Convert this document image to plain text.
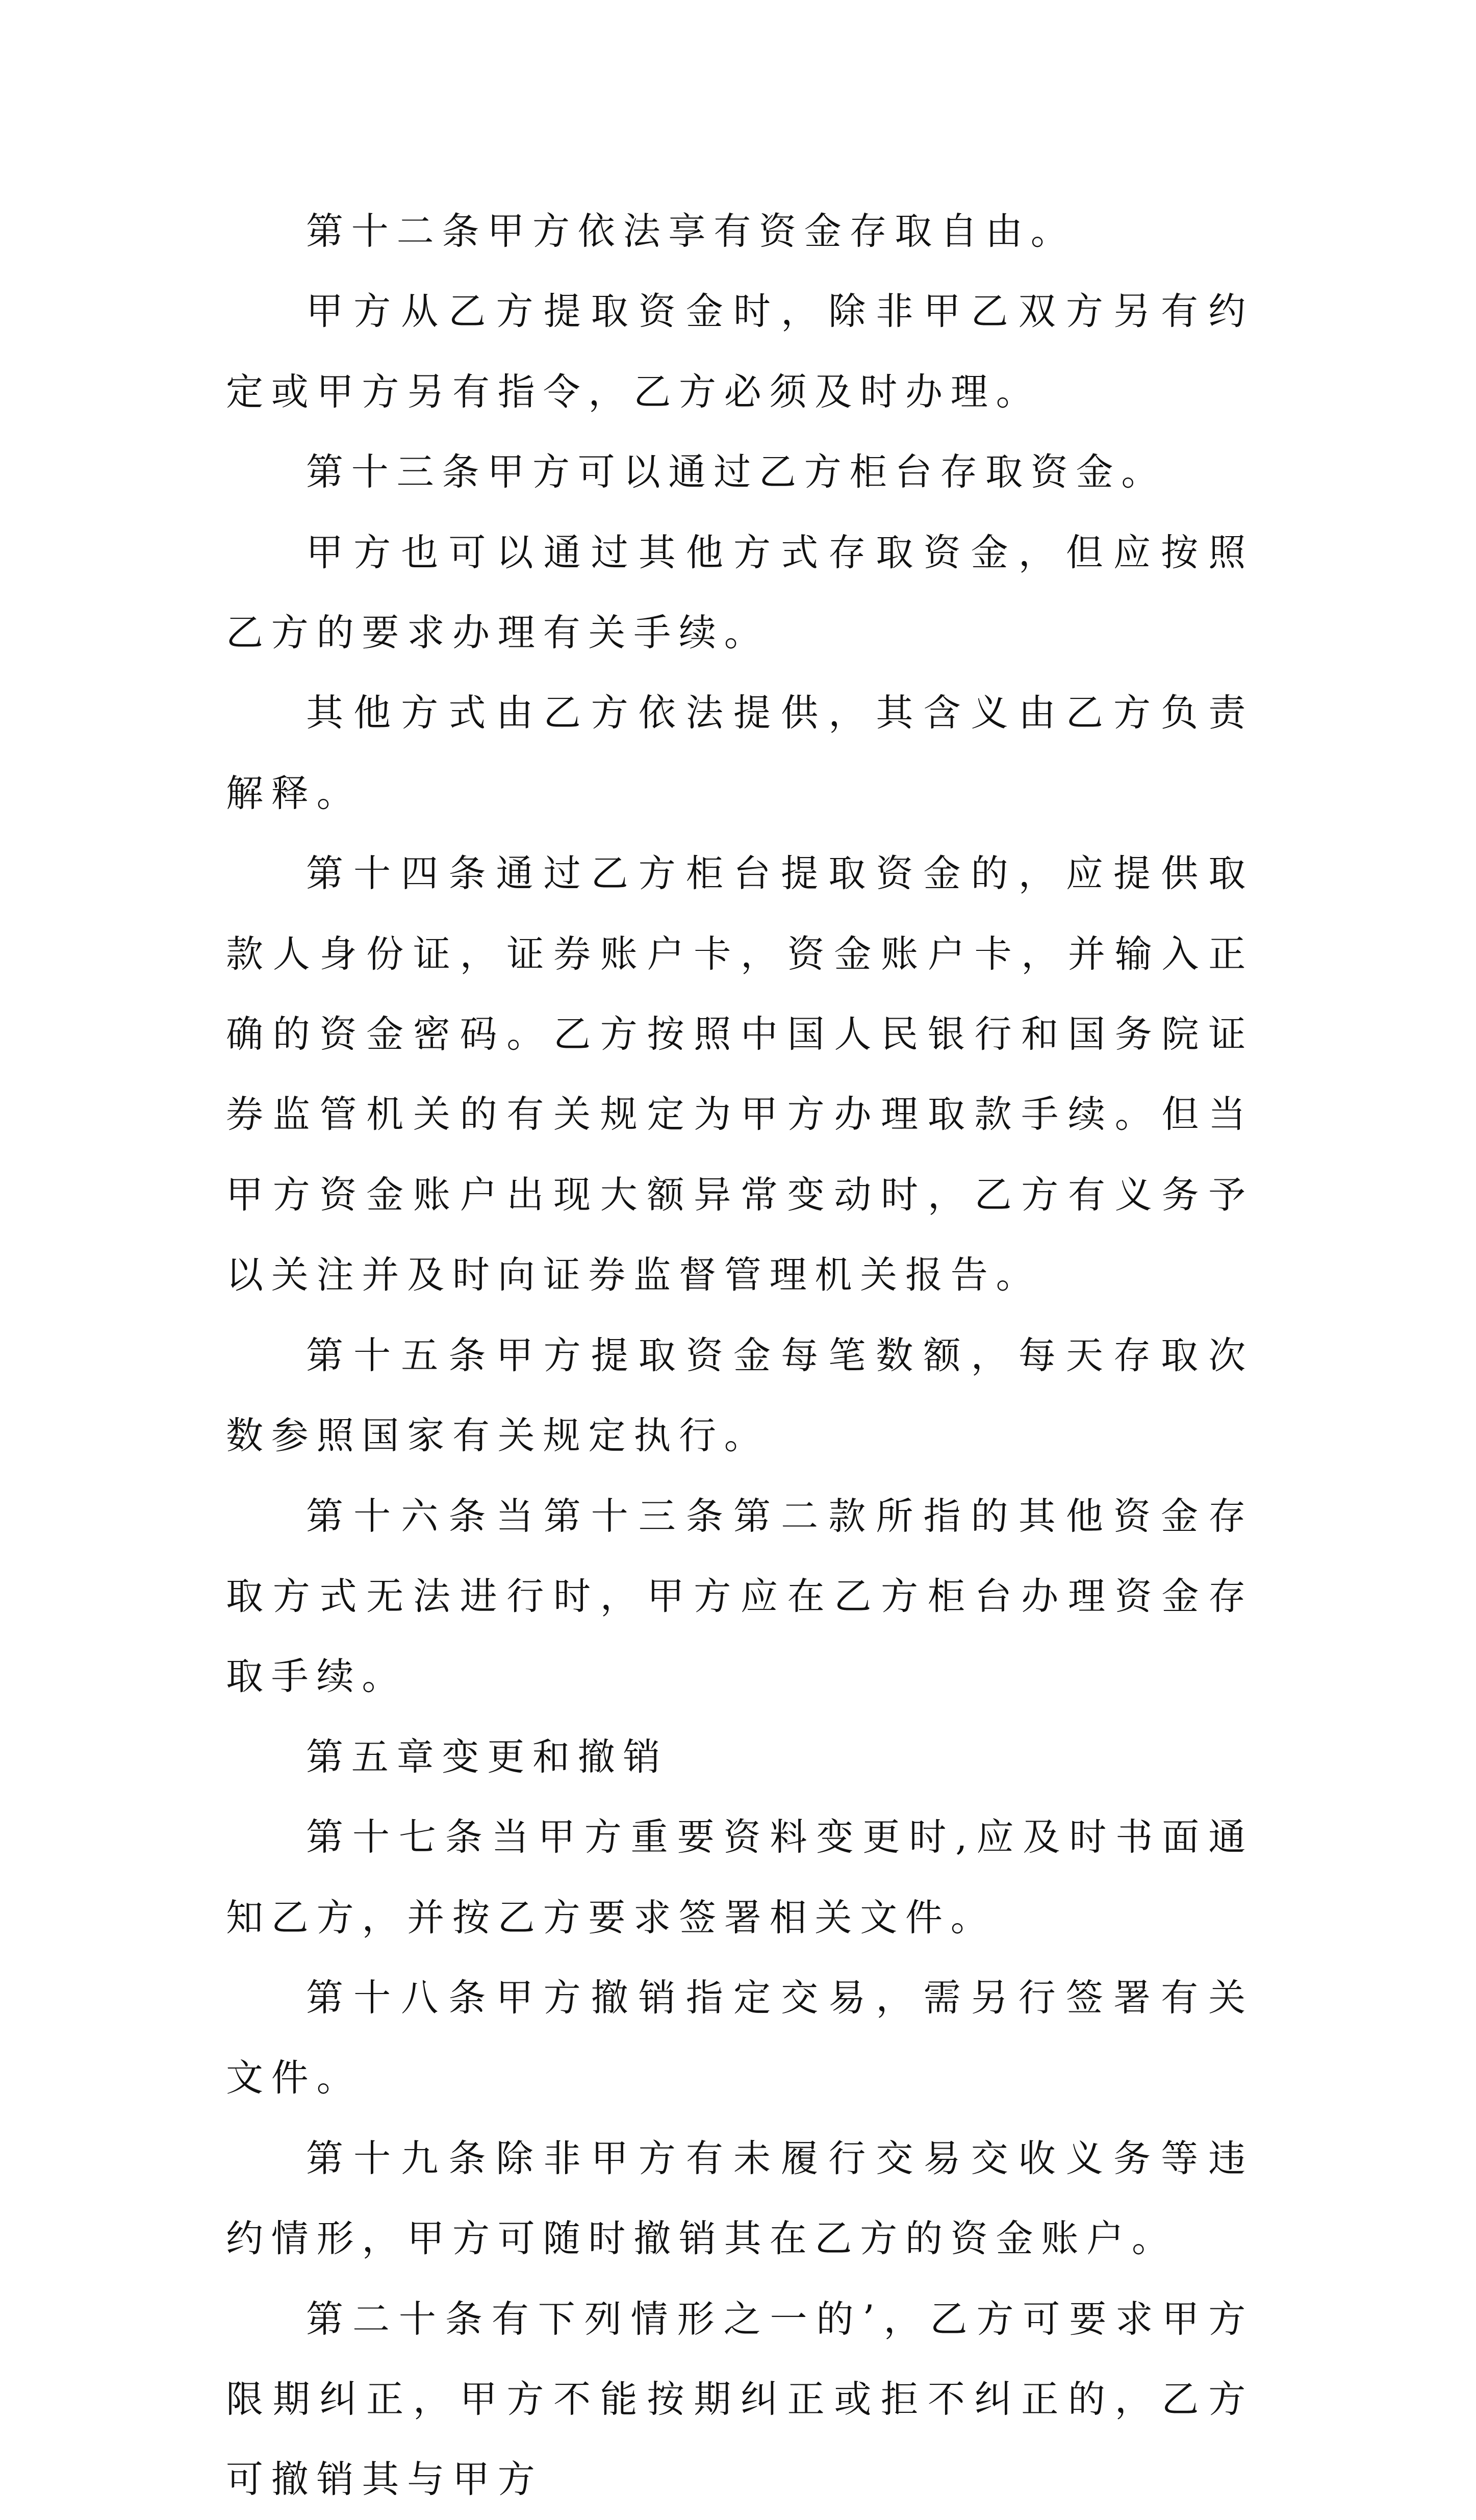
第十二条甲方依法享有资金存取自由。

甲方从乙方提取资金时，除非甲乙双方另有约定或甲方另有指令，乙方必须及时办理。

第十三条甲方可以通过乙方柜台存取资金。

甲方也可以通过其他方式存取资金，但应按照乙方的要求办理有关手续。

其他方式由乙方依法提供，其含义由乙方负责解释。

第十四条通过乙方柜台提取资金的，应提供取款人身份证，证券账户卡，资金账户卡，并输入正确的资金密码。乙方按照中国人民银行和国务院证券监管机关的有关规定为甲方办理取款手续。但当甲方资金账户出现大额异常变动时，乙方有义务予以关注并及时向证券监督管理机关报告。

第十五条甲方提取资金每笔数额，每天存取次数参照国家有关规定执行。

第十六条当第十三条第二款所指的其他资金存取方式无法进行时，甲方应在乙方柜台办理资金存取手续。

第五章变更和撤销

第十七条当甲方重要资料变更时,应及时书面通知乙方，并按乙方要求签署相关文件。

第十八条甲方撤销指定交易，需另行签署有关文件。

第十九条除非甲方有未履行交易交收义务等违约情形，甲方可随时撤销其在乙方的资金账户。

第二十条有下列情形之一的’，乙方可要求甲方限期纠正，甲方不能按期纠正或拒不纠正的，乙方可撤销其与甲方
